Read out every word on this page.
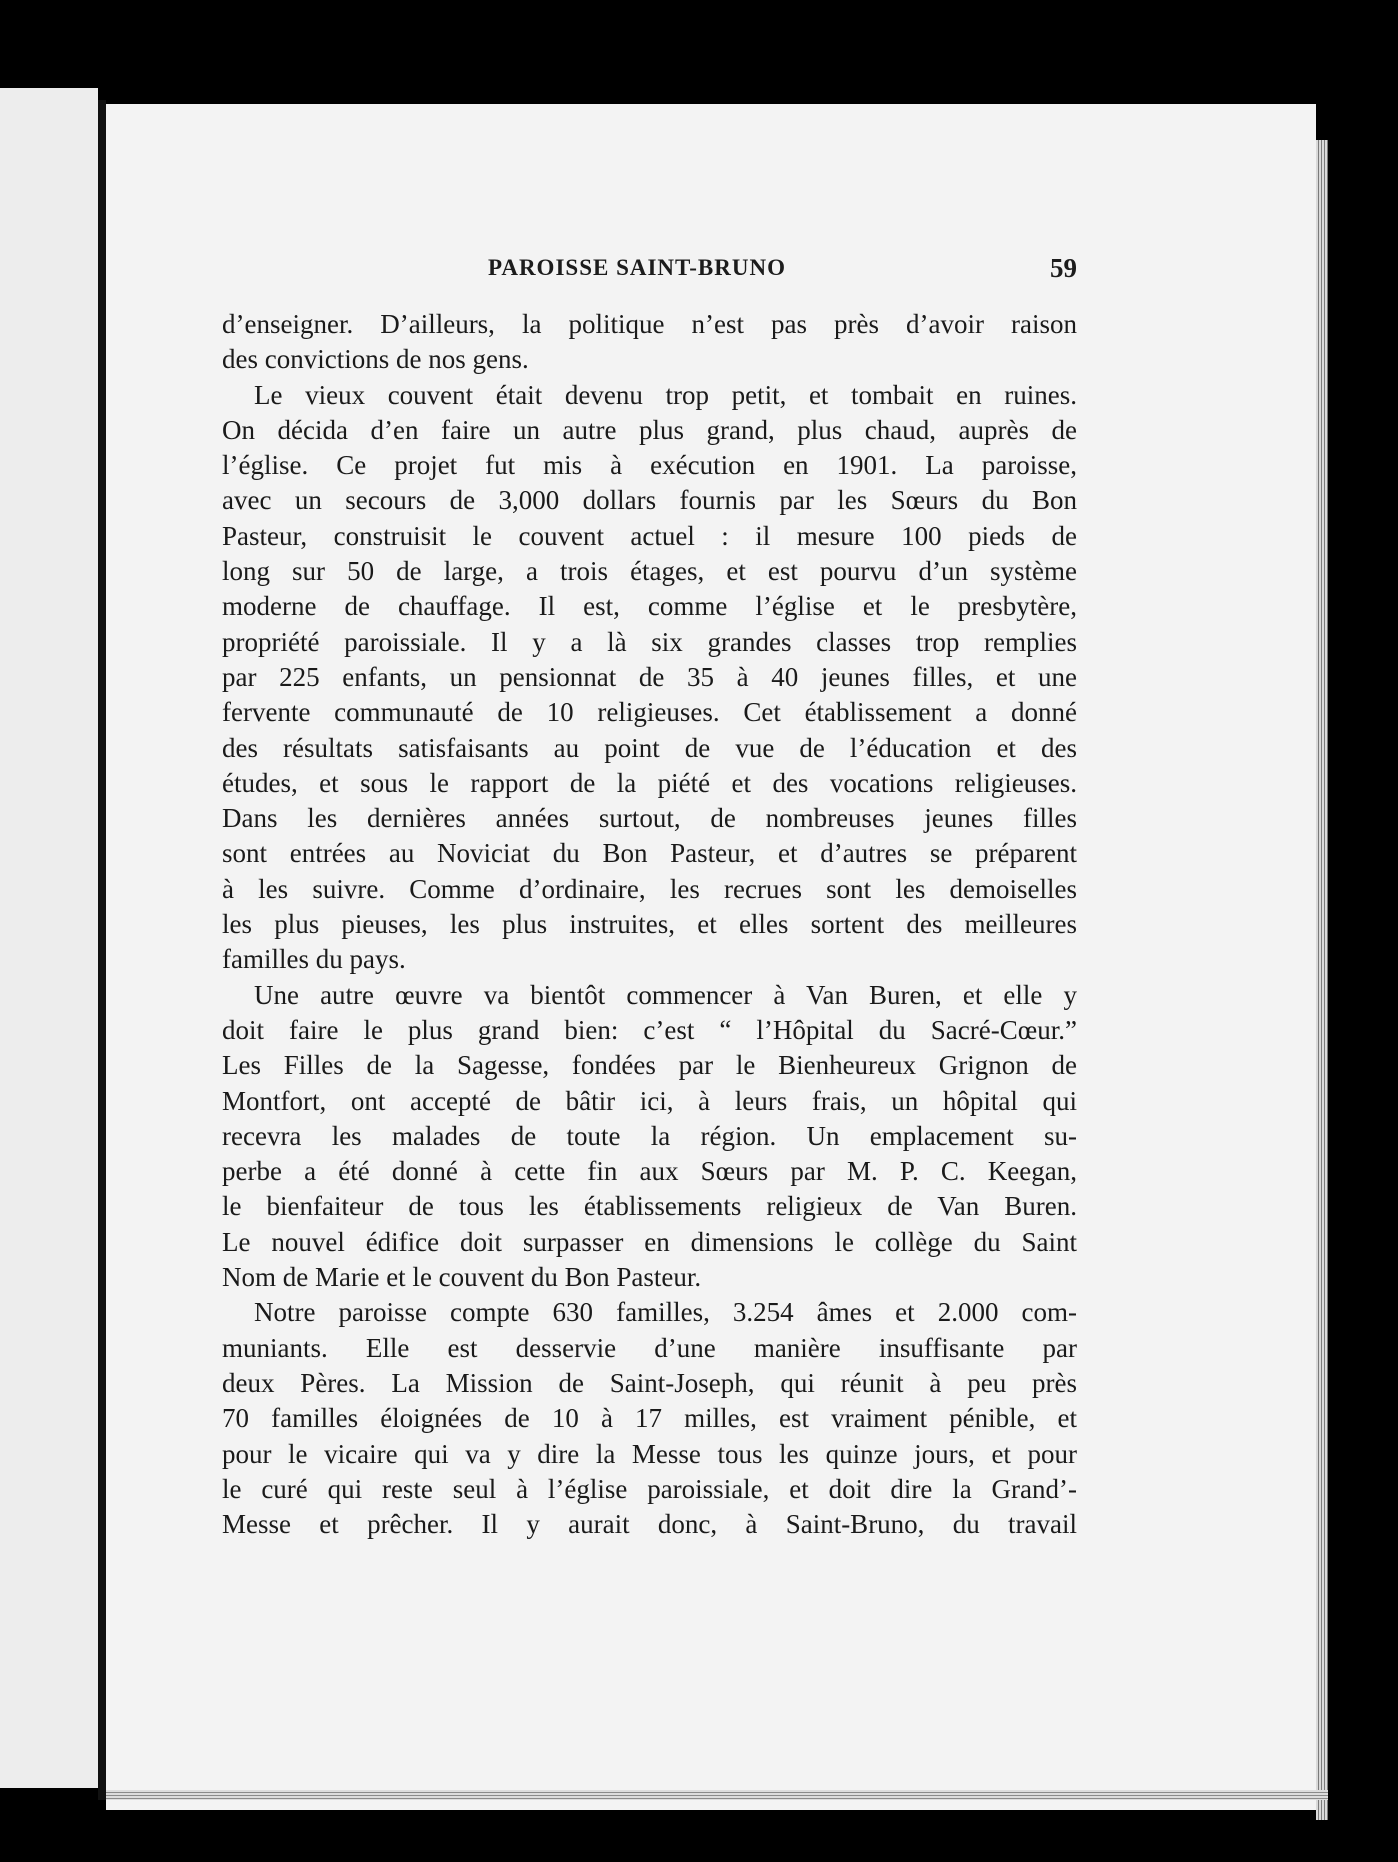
PAROISSE SAINT-BRUNO	59
d’enseigner. D’ailleurs, la politique n’est pas près d’avoir raison
des convictions de nos gens.
Le vieux couvent était devenu trop petit, et tombait en ruines.
On décida d’en faire un autre plus grand, plus chaud, auprès de
l’église. Ce projet fut mis à exécution en 1901. La paroisse,
avec un secours de 3,000 dollars fournis par les Sœurs du Bon
Pasteur, construisit le couvent actuel : il mesure 100 pieds de
long sur 50 de large, a trois étages, et est pourvu d’un système
moderne de chauffage. Il est, comme l’église et le presbytère,
propriété paroissiale. Il y a là six grandes classes trop remplies
par 225 enfants, un pensionnat de 35 à 40 jeunes filles, et une
fervente communauté de 10 religieuses. Cet établissement a donné
des résultats satisfaisants au point de vue de l’éducation et des
études, et sous le rapport de la piété et des vocations religieuses.
Dans les dernières années surtout, de nombreuses jeunes filles
sont entrées au Noviciat du Bon Pasteur, et d’autres se préparent
à les suivre. Comme d’ordinaire, les recrues sont les demoiselles
les plus pieuses, les plus instruites, et elles sortent des meilleures
familles du pays.
Une autre œuvre va bientôt commencer à Van Buren, et elle y
doit faire le plus grand bien: c’est “ l’Hôpital du Sacré-Cœur.”
Les Filles de la Sagesse, fondées par le Bienheureux Grignon de
Montfort, ont accepté de bâtir ici, à leurs frais, un hôpital qui
recevra les malades de toute la région. Un emplacement su-
perbe a été donné à cette fin aux Sœurs par M. P. C. Keegan,
le bienfaiteur de tous les établissements religieux de Van Buren.
Le nouvel édifice doit surpasser en dimensions le collège du Saint
Nom de Marie et le couvent du Bon Pasteur.
Notre paroisse compte 630 familles, 3.254 âmes et 2.000 com-
muniants. Elle est desservie d’une manière insuffisante par
deux Pères. La Mission de Saint-Joseph, qui réunit à peu près
70 familles éloignées de 10 à 17 milles, est vraiment pénible, et
pour le vicaire qui va y dire la Messe tous les quinze jours, et pour
le curé qui reste seul à l’église paroissiale, et doit dire la Grand’-
Messe et prêcher. Il y aurait donc, à Saint-Bruno, du travail
